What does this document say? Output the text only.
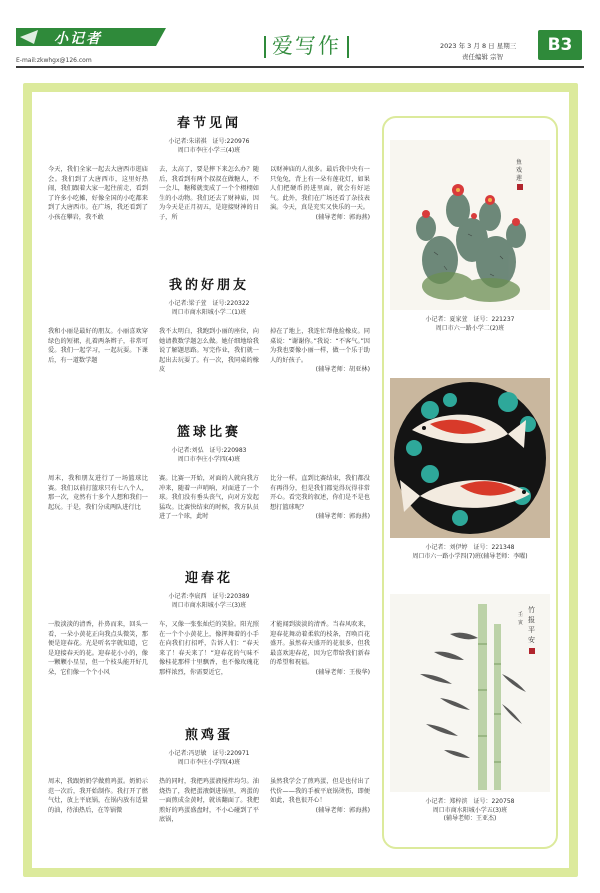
小记者	爱写作	2023 年 3 月 8 日 星期三
责任编辑 宗智
B3
E-mail:zkwhgx@126.com
春节见闻
小记者:朱诺祺　证号:220976
周口市李庄小学三(4)班
今天，我们全家一起去大唐西市逛庙会。我们到了大唐西市，这里好热闹，我们跟着大家一起往前走，看到了许多小吃摊，好像全国的小吃都来到了大唐西市。在广场，我还看到了小孩在攀岩，我不敢
去，太高了，要是摔下来怎么办？随后，我看到有两个叔叔在做糖人，不一会儿，糖稀就变成了一个个栩栩如生的小动物。我们还去了财神庙，因为今天是正月初五，是迎接财神的日子，所
以财神庙的人很多。最后我中央有一只兔兔，背上有一朵有莲花灯，如果人们把硬币扔进里面，就会有好运气。此外，我们在广场还看了杂技表演。今天，真是充实又快乐的一天。
(辅导老师：郭海燕)
我的好朋友
小记者:梁子萱　证号:220322
周口市商水阳城小学二(1)班
我和小丽是最好的朋友。小丽喜欢穿绿色的短裙，扎着两条辫子，非常可爱。我们一起学习，一起玩耍。下课后，有一道数学题
我不太明白，我跑到小丽的座位，向她请教数学题怎么做。她仔细地给我说了解题思路。写完作业，我们就一起出去玩耍了。有一次，我同桌的橡皮
掉在了地上，我连忙帮他捡橡皮。同桌说：“谢谢你。”我说：“不客气。”因为我也要像小丽一样，做一个乐于助人的好孩子。
(辅导老师：胡亚林)
篮球比赛
小记者:刘弘　证号:220983
周口市李庄小学四(4)班
周末，我和朋友进行了一场篮球比赛。我们以前打篮球只有七八个人，那一次，竟然有十多个人想和我们一起玩。于是，我们分成两队进行比
赛。比赛一开始，对面的人就向我方冲来，随着一声哨响，对面进了一个球。我们没有垂头丧气，向对方发起猛攻。比赛快结束的时候，我方队员进了一个球，此时
比分一样。直到比赛结束，我们都没有再得分，但是我们都觉得玩得非常开心。看完我的叙述，你们是不是也想打篮球呢？
(辅导老师：郭海燕)
迎春花
小记者:李宸西　证号:220389
周口市商水阳城小学三(3)班
一股淡淡的清香，扑鼻而来，回头一看，一朵小黄花正向我点头微笑，那便是迎春花。光是听名字就知道，它是迎接春天的花。迎春花小小的，像一颗颗小星星，但一个枝头能开好几朵，它们像一个个小风
车，又像一张张灿烂的笑脸。阳光照在一个个小黄花上，像挥舞着的小手在向我们打招呼，告诉人们：“春天来了！春天来了！”迎春花的气味不像桂花那样十里飘香，也不像玫瑰花那样浓烈，你需要近它，
才能闻到淡淡的清香。当春风吹来，迎春花舞动着柔软的枝条，召唤百花盛开。虽然春天盛开的花很多，但我最喜欢迎春花，因为它带给我们新春的希望和祝福。
(辅导老师：王俊华)
煎鸡蛋
小记者:冯思敏　证号:220971
周口市李庄小学四(4)班
周末，我跟奶奶学做煎鸡蛋。奶奶示范一次后，我开始制作。我打开了燃气灶，放上平底锅，在锅内放有适量的油，待油热后，在等锅微
热的同时，我把鸡蛋液搅拌均匀。油烧热了，我把蛋液倒进锅里，鸡蛋的一面煎成金黄时，就该翻面了。我把煎好的鸡蛋盛盘时，不小心碰到了平底锅，
虽然我学会了煎鸡蛋，但是也付出了代价——我的手被平底锅烫伤，即便如此，我也很开心！
(辅导老师：郭海燕)
鱼
戏
莲
小记者：夏家萱　证号：221237
周口市六一路小学二(2)班
小记者：刘伊婷　证号：221348
周口市六一路小学四(7)班(辅导老师：李曜)
竹
报
平
安
壬
寅
小记者：郑梓滨　证号：220758
周口市商水阳城小学五(3)班
(辅导老师：王亚杰)
